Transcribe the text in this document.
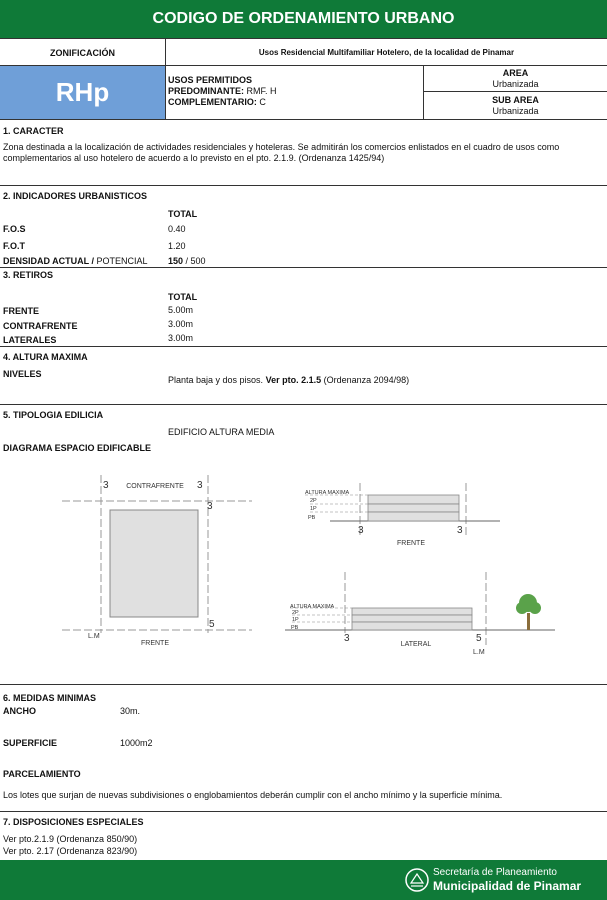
CODIGO DE ORDENAMIENTO URBANO
ZONIFICACIÓN	Usos Residencial Multifamiliar Hotelero, de la localidad de Pinamar
RHp	USOS PERMITIDOS
PREDOMINANTE: RMF. H
COMPLEMENTARIO: C
AREA
Urbanizada
SUB AREA
Urbanizada
1. CARACTER
Zona destinada a la localización de actividades residenciales y hoteleras. Se admitirán los comercios enlistados en el cuadro de usos como complementarios al uso hotelero de acuerdo a lo previsto en el pto. 2.1.9. (Ordenanza 1425/94)
2. INDICADORES URBANISTICOS
TOTAL
F.O.S	0.40
F.O.T	1.20
DENSIDAD ACTUAL / POTENCIAL 150 / 500
3. RETIROS
TOTAL
FRENTE	5.00m
CONTRAFRENTE	3.00m
LATERALES	3.00m
4. ALTURA MAXIMA
NIVELES
Planta baja y dos pisos. Ver pto. 2.1.5 (Ordenanza 2094/98)
5. TIPOLOGIA EDILICIA
EDIFICIO ALTURA MEDIA
DIAGRAMA ESPACIO EDIFICABLE
CONTRAFRENTE
3	3
3
5
L.M
FRENTE
ALTURA MAXIMA
2P
1P
PB
3	3
FRENTE
ALTURA MAXIMA
2P
1P
PB
3	5
LATERAL
L.M
6. MEDIDAS MINIMAS
ANCHO	30m.
SUPERFICIE	1000m2
PARCELAMIENTO
Los lotes que surjan de nuevas subdivisiones o englobamientos deberán cumplir con el ancho mínimo y la superficie mínima.
7. DISPOSICIONES ESPECIALES
Ver pto.2.1.9 (Ordenanza 850/90)
Ver pto. 2.17 (Ordenanza 823/90)
Secretaría de Planeamiento
Municipalidad de Pinamar
